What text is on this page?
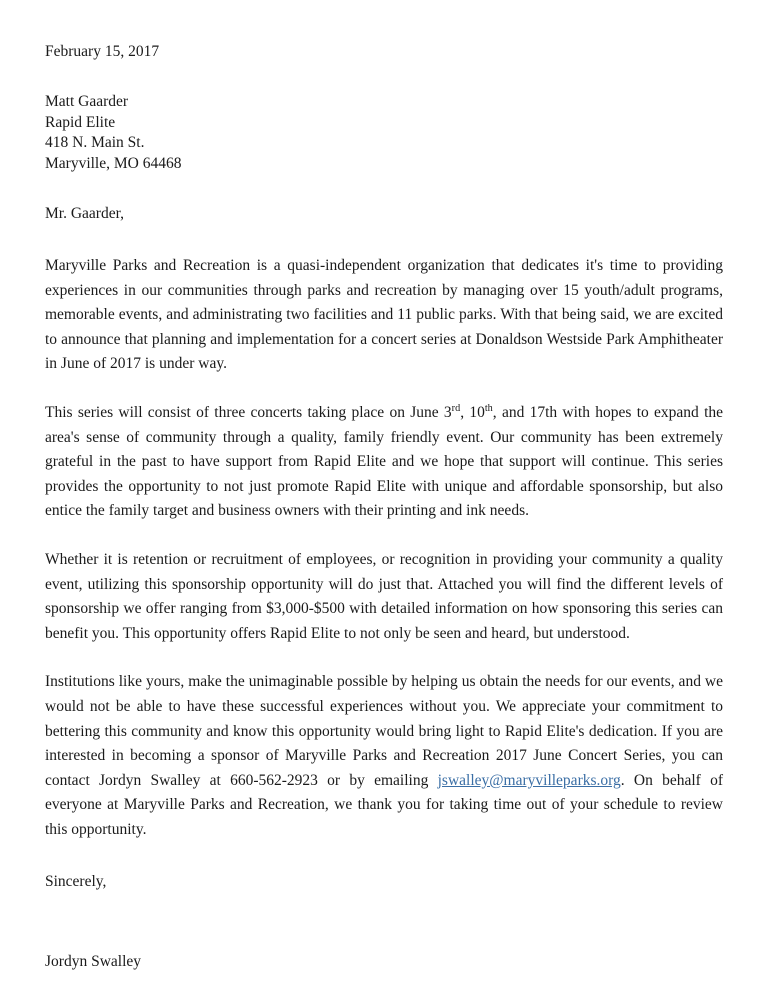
February 15, 2017
Matt Gaarder
Rapid Elite
418 N. Main St.
Maryville, MO 64468
Mr. Gaarder,

Maryville Parks and Recreation is a quasi-independent organization that dedicates it's time to providing experiences in our communities through parks and recreation by managing over 15 youth/adult programs, memorable events, and administrating two facilities and 11 public parks. With that being said, we are excited to announce that planning and implementation for a concert series at Donaldson Westside Park Amphitheater in June of 2017 is under way.

This series will consist of three concerts taking place on June 3rd, 10th, and 17th with hopes to expand the area's sense of community through a quality, family friendly event. Our community has been extremely grateful in the past to have support from Rapid Elite and we hope that support will continue. This series provides the opportunity to not just promote Rapid Elite with unique and affordable sponsorship, but also entice the family target and business owners with their printing and ink needs.

Whether it is retention or recruitment of employees, or recognition in providing your community a quality event, utilizing this sponsorship opportunity will do just that. Attached you will find the different levels of sponsorship we offer ranging from $3,000-$500 with detailed information on how sponsoring this series can benefit you. This opportunity offers Rapid Elite to not only be seen and heard, but understood.

Institutions like yours, make the unimaginable possible by helping us obtain the needs for our events, and we would not be able to have these successful experiences without you. We appreciate your commitment to bettering this community and know this opportunity would bring light to Rapid Elite's dedication. If you are interested in becoming a sponsor of Maryville Parks and Recreation 2017 June Concert Series, you can contact Jordyn Swalley at 660-562-2923 or by emailing jswalley@maryvilleparks.org. On behalf of everyone at Maryville Parks and Recreation, we thank you for taking time out of your schedule to review this opportunity.

Sincerely,
Jordyn Swalley
